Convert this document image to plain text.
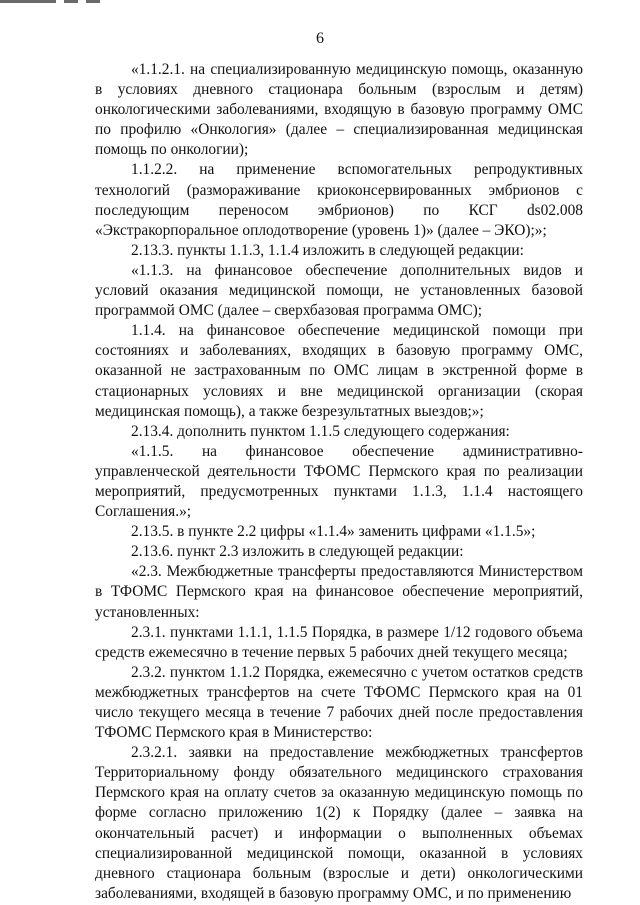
6

«1.1.2.1. на специализированную медицинскую помощь, оказанную в условиях дневного стационара больным (взрослым и детям) онкологическими заболеваниями, входящую в базовую программу ОМС по профилю «Онкология» (далее – специализированная медицинская помощь по онкологии);

1.1.2.2. на применение вспомогательных репродуктивных технологий (размораживание криоконсервированных эмбрионов с последующим переносом эмбрионов) по КСГ ds02.008 «Экстракорпоральное оплодотворение (уровень 1)» (далее – ЭКО);»;

2.13.3. пункты 1.1.3, 1.1.4 изложить в следующей редакции:

«1.1.3. на финансовое обеспечение дополнительных видов и условий оказания медицинской помощи, не установленных базовой программой ОМС (далее – сверхбазовая программа ОМС);

1.1.4. на финансовое обеспечение медицинской помощи при состояниях и заболеваниях, входящих в базовую программу ОМС, оказанной не застрахованным по ОМС лицам в экстренной форме в стационарных условиях и вне медицинской организации (скорая медицинская помощь), а также безрезультатных выездов;»;

2.13.4. дополнить пунктом 1.1.5 следующего содержания:

«1.1.5. на финансовое обеспечение административно-управленческой деятельности ТФОМС Пермского края по реализации мероприятий, предусмотренных пунктами 1.1.3, 1.1.4 настоящего Соглашения.»;

2.13.5. в пункте 2.2 цифры «1.1.4» заменить цифрами «1.1.5»;

2.13.6. пункт 2.3 изложить в следующей редакции:

«2.3. Межбюджетные трансферты предоставляются Министерством в ТФОМС Пермского края на финансовое обеспечение мероприятий, установленных:

2.3.1. пунктами 1.1.1, 1.1.5 Порядка, в размере 1/12 годового объема средств ежемесячно в течение первых 5 рабочих дней текущего месяца;

2.3.2. пунктом 1.1.2 Порядка, ежемесячно с учетом остатков средств межбюджетных трансфертов на счете ТФОМС Пермского края на 01 число текущего месяца в течение 7 рабочих дней после предоставления ТФОМС Пермского края в Министерство:

2.3.2.1. заявки на предоставление межбюджетных трансфертов Территориальному фонду обязательного медицинского страхования Пермского края на оплату счетов за оказанную медицинскую помощь по форме согласно приложению 1(2) к Порядку (далее – заявка на окончательный расчет) и информации о выполненных объемах специализированной медицинской помощи, оказанной в условиях дневного стационара больным (взрослые и дети) онкологическими заболеваниями, входящей в базовую программу ОМС, и по применению
